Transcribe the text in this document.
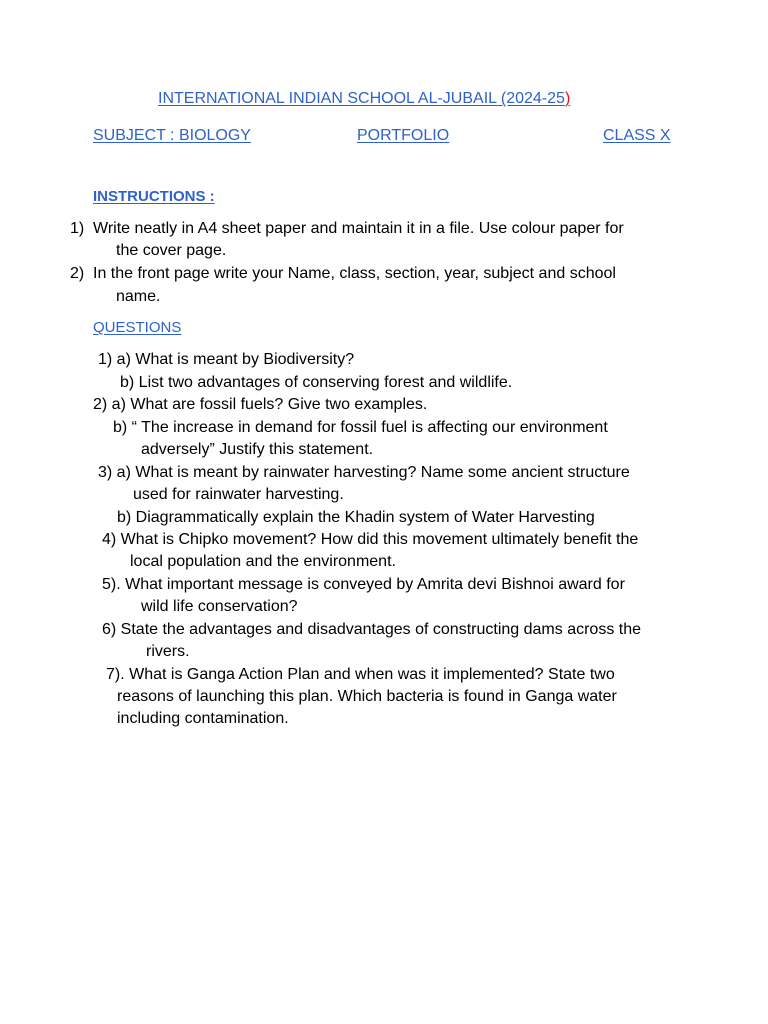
INTERNATIONAL INDIAN SCHOOL AL-JUBAIL (2024-25)
SUBJECT : BIOLOGY	PORTFOLIO	CLASS X
INSTRUCTIONS :
1) Write neatly in A4 sheet paper and maintain it in a file. Use colour paper for
the cover page.
2) In the front page write your Name, class, section, year, subject and school
name.
QUESTIONS
1) a) What is meant by Biodiversity?
b) List two advantages of conserving forest and wildlife.
2) a) What are fossil fuels? Give two examples.
b) “ The increase in demand for fossil fuel is affecting our environment
adversely” Justify this statement.
3) a) What is meant by rainwater harvesting? Name some ancient structure
used for rainwater harvesting.
b) Diagrammatically explain the Khadin system of Water Harvesting
4) What is Chipko movement? How did this movement ultimately benefit the
local population and the environment.
5). What important message is conveyed by Amrita devi Bishnoi award for
wild life conservation?
6) State the advantages and disadvantages of constructing dams across the
rivers.
7). What is Ganga Action Plan and when was it implemented? State two
reasons of launching this plan. Which bacteria is found in Ganga water
including contamination.
